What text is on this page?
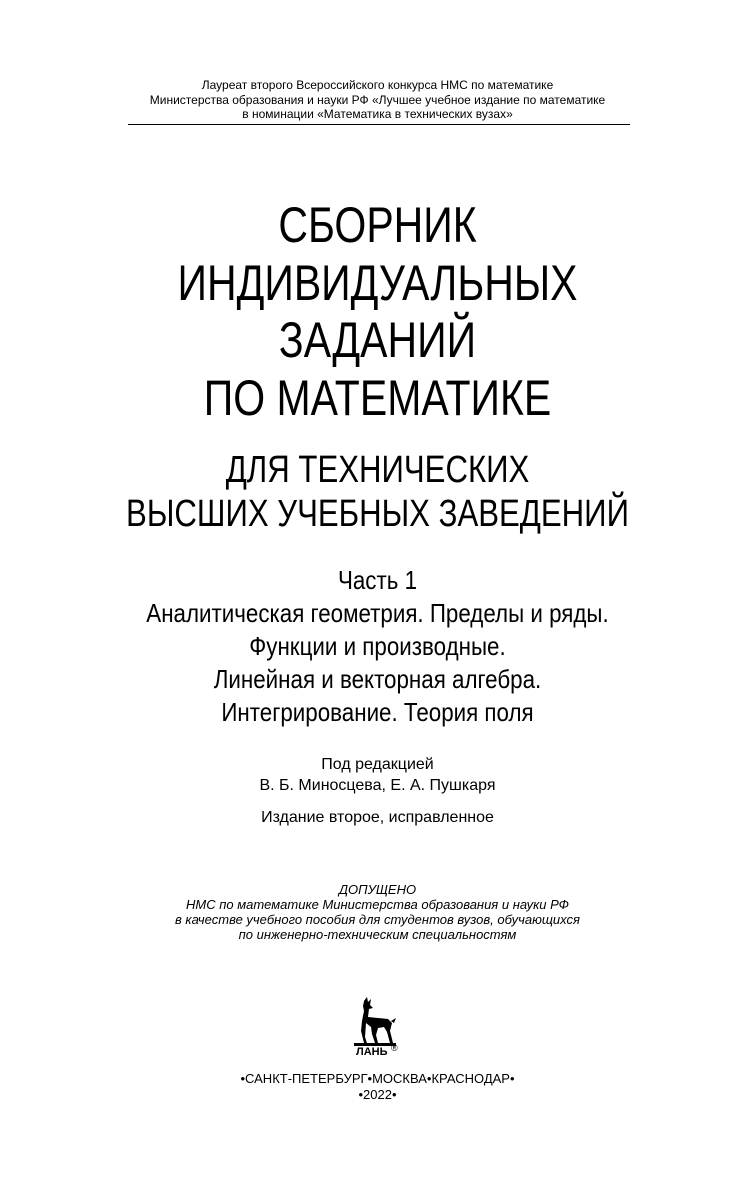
Лауреат второго Всероссийского конкурса НМС по математике
Министерства образования и науки РФ «Лучшее учебное издание по математике
в номинации «Математика в технических вузах»
СБОРНИК
ИНДИВИДУАЛЬНЫХ
ЗАДАНИЙ
ПО МАТЕМАТИКЕ
ДЛЯ ТЕХНИЧЕСКИХ
ВЫСШИХ УЧЕБНЫХ ЗАВЕДЕНИЙ
Часть 1
Аналитическая геометрия. Пределы и ряды.
Функции и производные.
Линейная и векторная алгебра.
Интегрирование. Теория поля
Под редакцией
В. Б. Миносцева, Е. А. Пушкаря
Издание второе, исправленное
ДОПУЩЕНО
НМС по математике Министерства образования и науки РФ
в качестве учебного пособия для студентов вузов, обучающихся
по инженерно-техническим специальностям
ЛАНЬ ®
•САНКТ-ПЕТЕРБУРГ•МОСКВА•КРАСНОДАР•
•2022•
